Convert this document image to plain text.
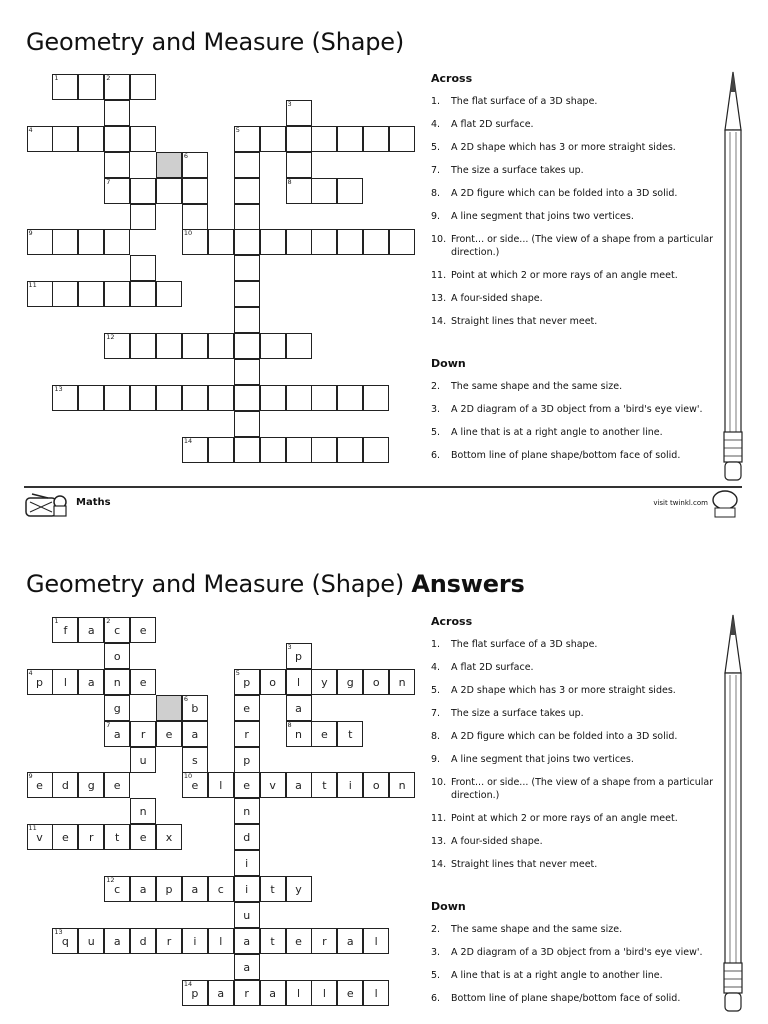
Geometry and Measure (Shape)
1	2
3
4	5
6
7	8
9	10
11
12
13
14
Across
1.	The flat surface of a 3D shape.
4.	A flat 2D surface.
5.	A 2D shape which has 3 or more straight sides.
7.	The size a surface takes up.
8.	A 2D figure which can be folded into a 3D solid.
9.	A line segment that joins two vertices.
10. Front... or side... (The view of a shape from a particular direction.)
11. Point at which 2 or more rays of an angle meet.
13. A four-sided shape.
14. Straight lines that never meet.
Down
2.	The same shape and the same size.
3.	A 2D diagram of a 3D object from a 'bird's eye view'.
5.	A line that is at a right angle to another line.
6.	Bottom line of plane shape/bottom face of solid.
Maths	visit twinkl.com
Geometry and Measure (Shape) Answers
1
f	a
2
c	e
o
3
p
4
p	l	a	n	e
5
p	o	l	y	g	o	n
g
6
b	e	a
7
a	r	e	a	r
8
n	e	t
u	s	p
9
e	d	g	e
10
e	l	e	v	a	t	i	o	n
n	n
11
v	e	r	t	e	x	d
i
12
c	a	p	a	c	i	t	y
u
13
q	u	a	d	r	i	l	a	t	e	r	a	l
a
14
p	a	r	a	l	l	e	l
Across
1.	The flat surface of a 3D shape.
4.	A flat 2D surface.
5.	A 2D shape which has 3 or more straight sides.
7.	The size a surface takes up.
8.	A 2D figure which can be folded into a 3D solid.
9.	A line segment that joins two vertices.
10. Front... or side... (The view of a shape from a particular direction.)
11. Point at which 2 or more rays of an angle meet.
13. A four-sided shape.
14. Straight lines that never meet.
Down
2.	The same shape and the same size.
3.	A 2D diagram of a 3D object from a 'bird's eye view'.
5.	A line that is at a right angle to another line.
6.	Bottom line of plane shape/bottom face of solid.
